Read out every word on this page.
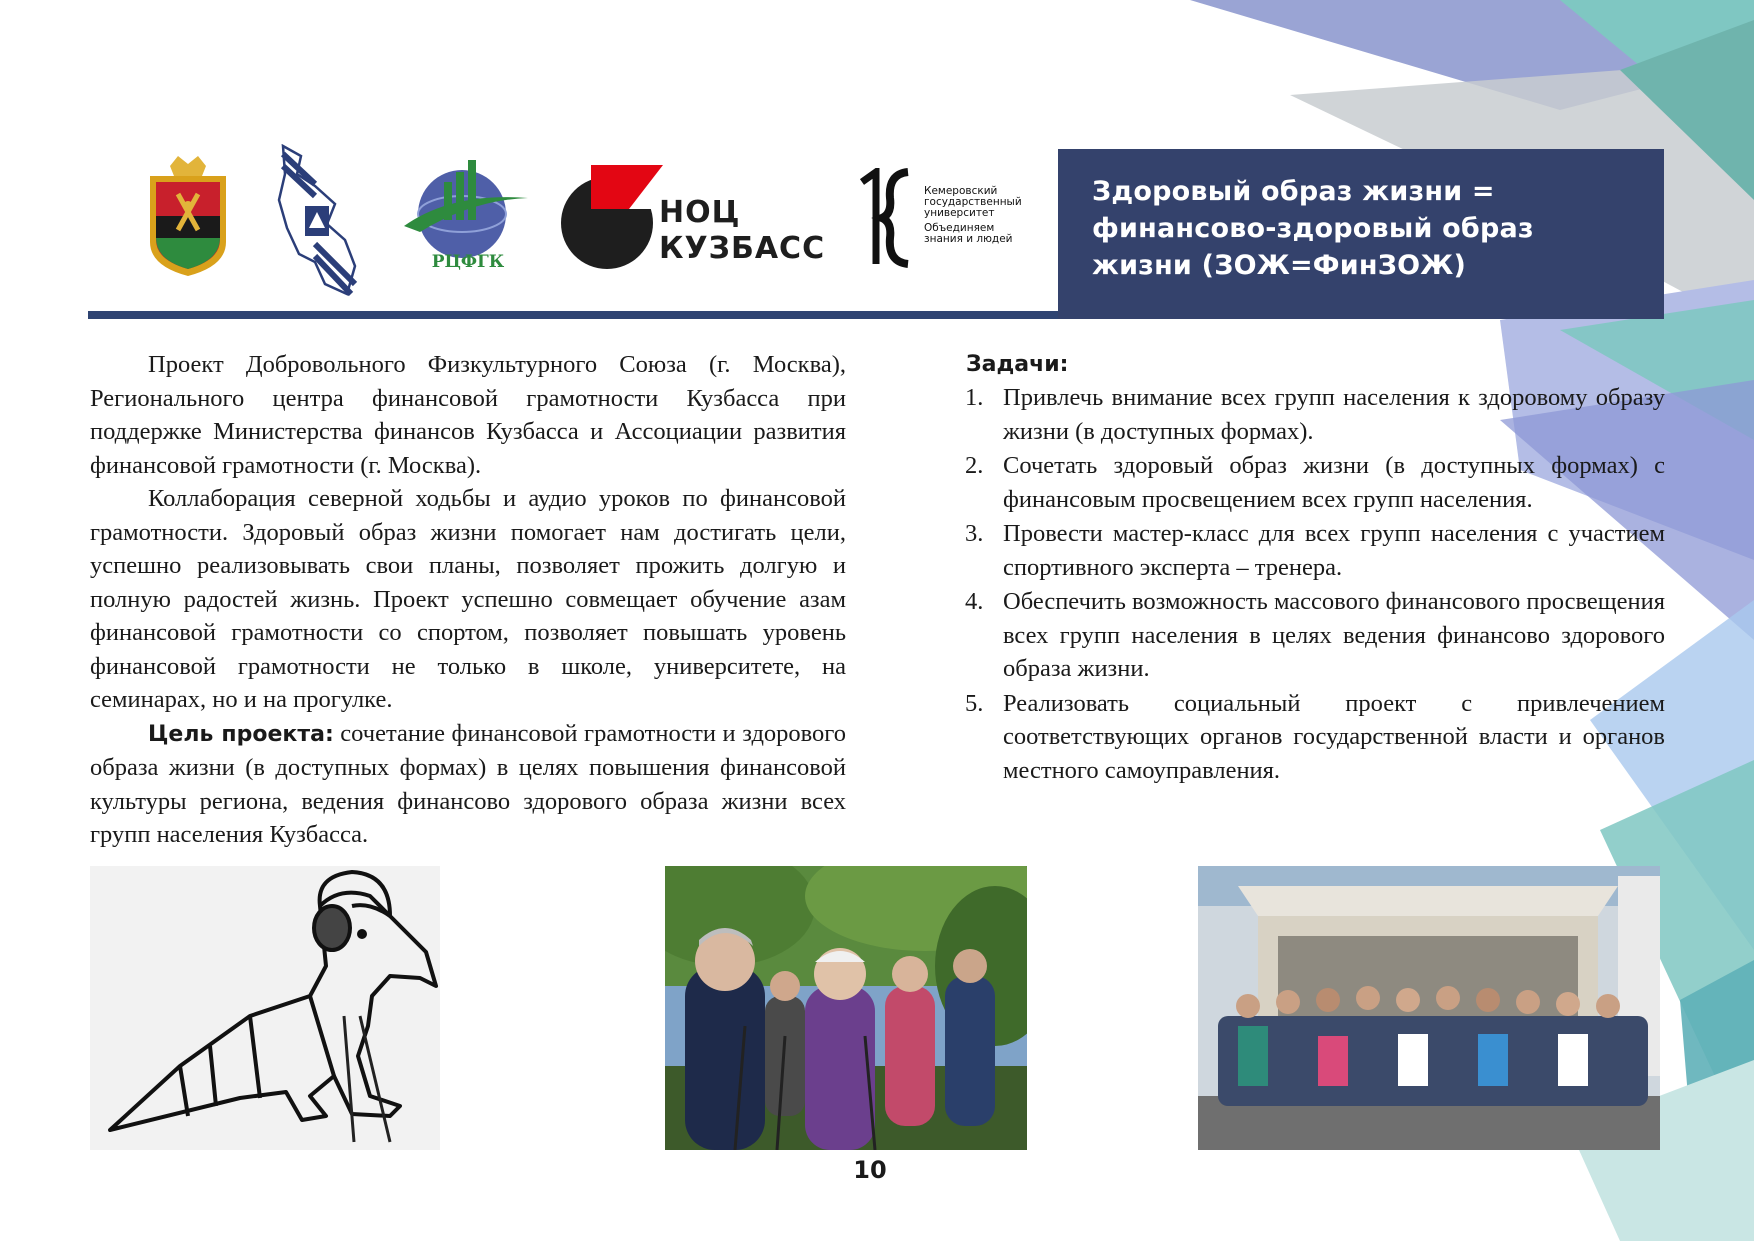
РЦФГК
НОЦ
КУЗБАСС
Кемеровский
государственный
университет
Объединяем
знания и людей
Здоровый образ жизни =
финансово-здоровый образ
жизни (ЗОЖ=ФинЗОЖ)

Проект Добровольного Физкультурного Союза (г. Москва), Регионального центра финансовой грамотности Кузбасса при поддержке Министерства финансов Кузбасса и Ассоциации развития финансовой грамотности (г. Москва).

Коллаборация северной ходьбы и аудио уроков по финансовой грамотности. Здоровый образ жизни помогает нам достигать цели, успешно реализовывать свои планы, позволяет прожить долгую и полную радостей жизнь. Проект успешно совмещает обучение азам финансовой грамотности со спортом, позволяет повышать уровень финансовой грамотности не только в школе, университете, на семинарах, но и на прогулке.

Цель проекта: сочетание финансовой грамотности и здорового образа жизни (в доступных формах) в целях повышения финансовой культуры региона, ведения финансово здорового образа жизни всех групп населения Кузбасса.

Задачи:
1. Привлечь внимание всех групп населения к здоровому образу жизни (в доступных формах).
2. Сочетать здоровый образ жизни (в доступных формах) с финансовым просвещением всех групп населения.
3. Провести мастер-класс для всех групп населения с участием спортивного эксперта – тренера.
4. Обеспечить возможность массового финансового просвещения всех групп населения в целях ведения финансово здорового образа жизни.
5. Реализовать социальный проект с привлечением соответствующих органов государственной власти и органов местного самоуправления.
10
